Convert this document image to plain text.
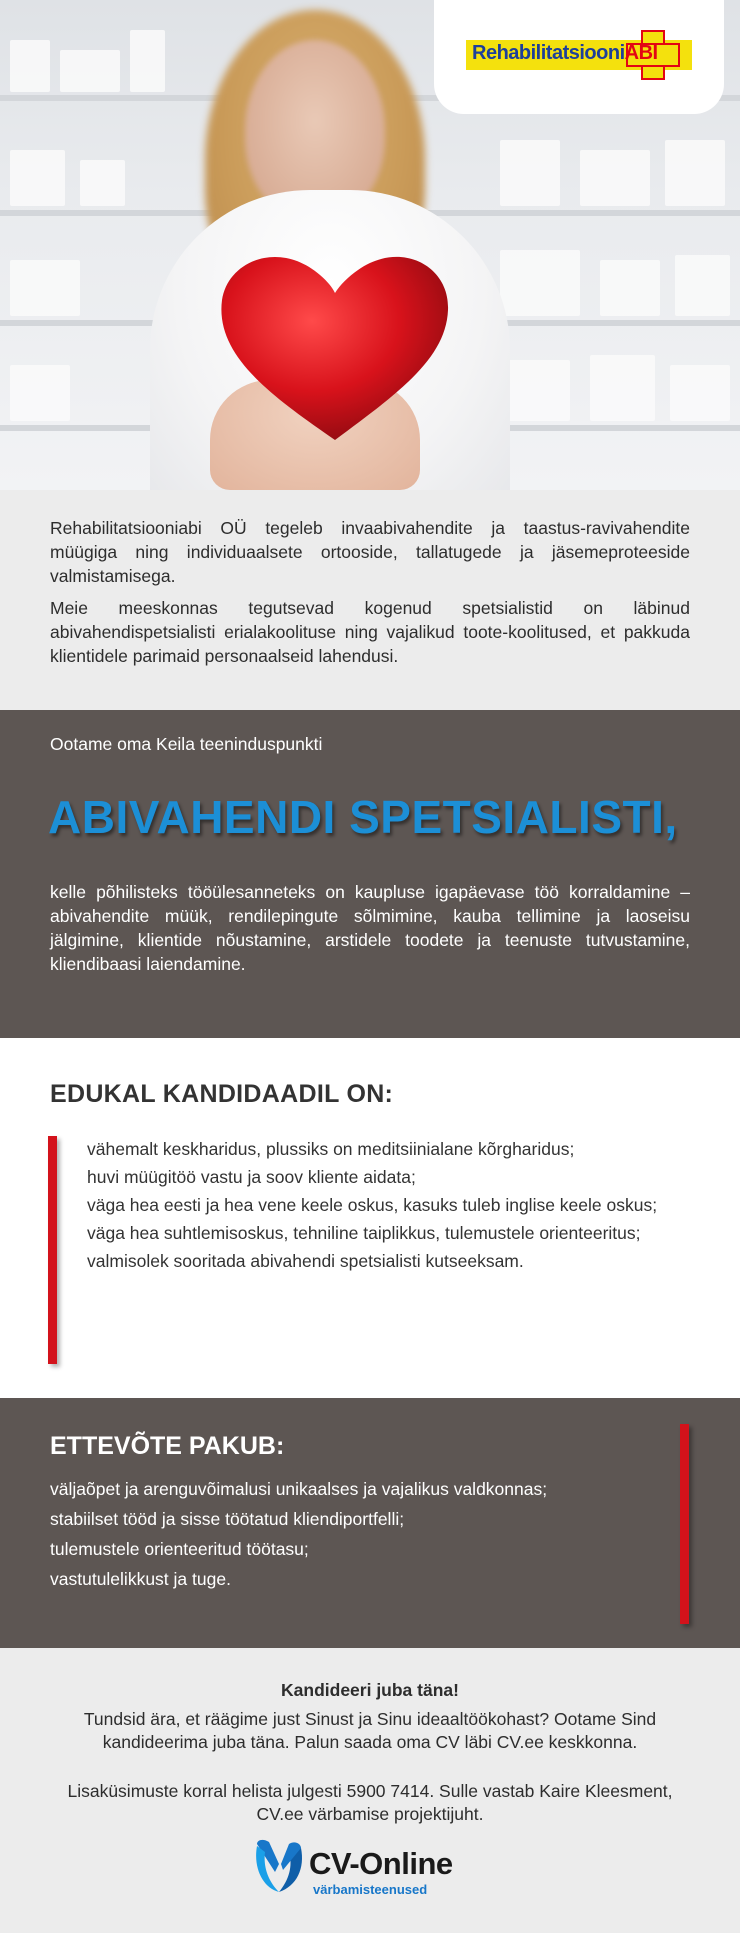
RehabilitatsiooniABI

Rehabilitatsiooniabi OÜ tegeleb invaabivahendite ja taastus-ravivahendite müügiga ning individuaalsete ortooside, tallatugede ja jäsemeproteeside valmistamisega.

Meie meeskonnas tegutsevad kogenud spetsialistid on läbinud abivahendispetsialisti erialakoolituse ning vajalikud toote-koolitused, et pakkuda klientidele parimaid personaalseid lahendusi.

Ootame oma Keila teeninduspunkti
ABIVAHENDI SPETSIALISTI,

kelle põhilisteks tööülesanneteks on kaupluse igapäevase töö korraldamine – abivahendite müük, rendilepingute sõlmimine, kauba tellimine ja laoseisu jälgimine, klientide nõustamine, arstidele toodete ja teenuste tutvustamine, kliendibaasi laiendamine.

EDUKAL KANDIDAADIL ON:
vähemalt keskharidus, plussiks on meditsiinialane kõrgharidus;
huvi müügitöö vastu ja soov kliente aidata;
väga hea eesti ja hea vene keele oskus, kasuks tuleb inglise keele oskus;
väga hea suhtlemisoskus, tehniline taiplikkus, tulemustele orienteeritus;
valmisolek sooritada abivahendi spetsialisti kutseeksam.
ETTEVÕTE PAKUB:
väljaõpet ja arenguvõimalusi unikaalses ja vajalikus valdkonnas;
stabiilset tööd ja sisse töötatud kliendiportfelli;
tulemustele orienteeritud töötasu;
vastutulelikkust ja tuge.
Kandideeri juba täna!

Tundsid ära, et räägime just Sinust ja Sinu ideaaltöökohast? Ootame Sind kandideerima juba täna. Palun saada oma CV läbi CV.ee keskkonna.

Lisaküsimuste korral helista julgesti 5900 7414. Sulle vastab Kaire Kleesment, CV.ee värbamise projektijuht.

CV-Online
värbamisteenused
